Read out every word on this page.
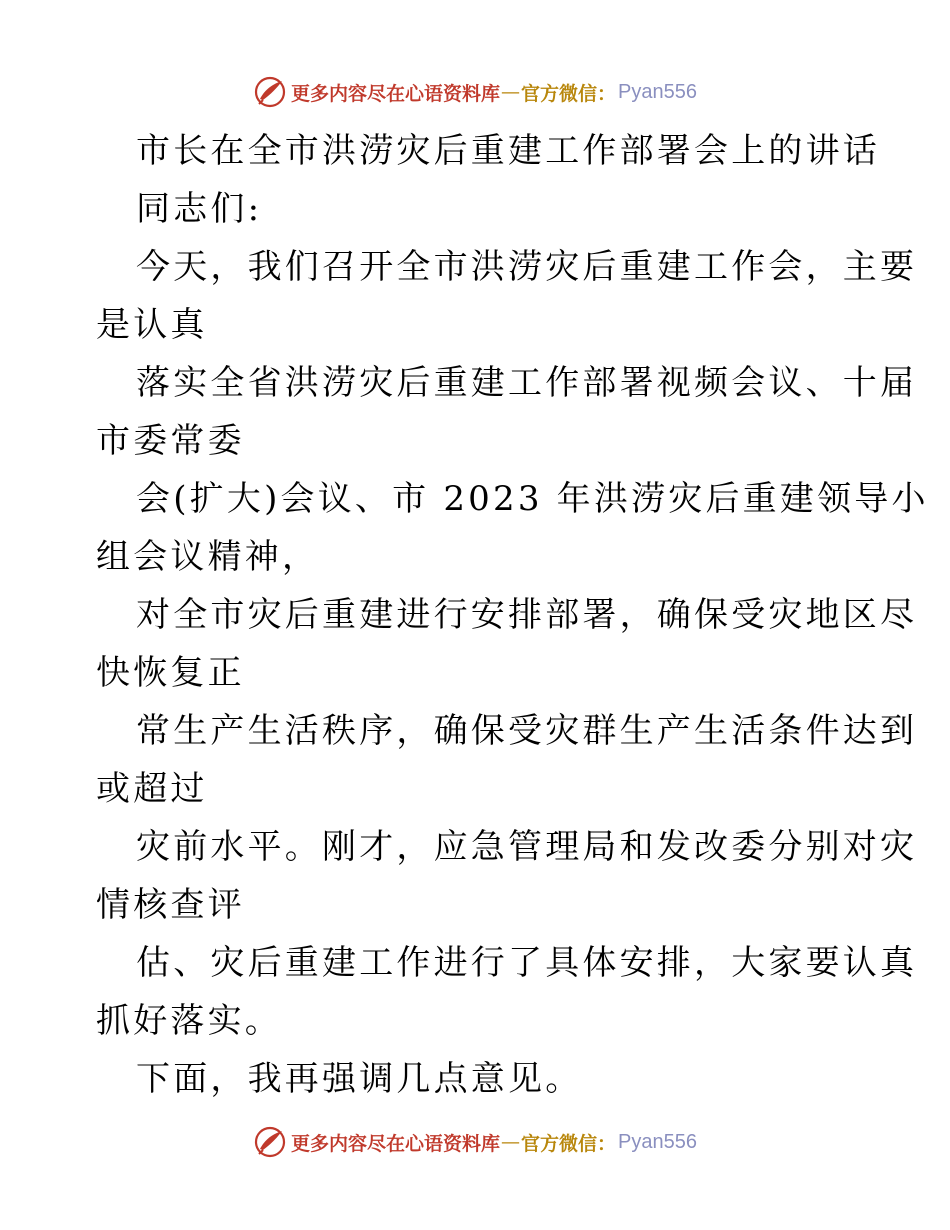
更多内容尽在心语资料库 — 官方微信： Pyan556
市长在全市洪涝灾后重建工作部署会上的讲话
同志们:
今天，我们召开全市洪涝灾后重建工作会，主要
是认真
落实全省洪涝灾后重建工作部署视频会议、十届
市委常委
会(扩大)会议、市 2023 年洪涝灾后重建领导小
组会议精神，
对全市灾后重建进行安排部署，确保受灾地区尽
快恢复正
常生产生活秩序，确保受灾群生产生活条件达到
或超过
灾前水平。刚才，应急管理局和发改委分别对灾
情核查评
估、灾后重建工作进行了具体安排，大家要认真
抓好落实。
下面，我再强调几点意见。
更多内容尽在心语资料库 — 官方微信： Pyan556
